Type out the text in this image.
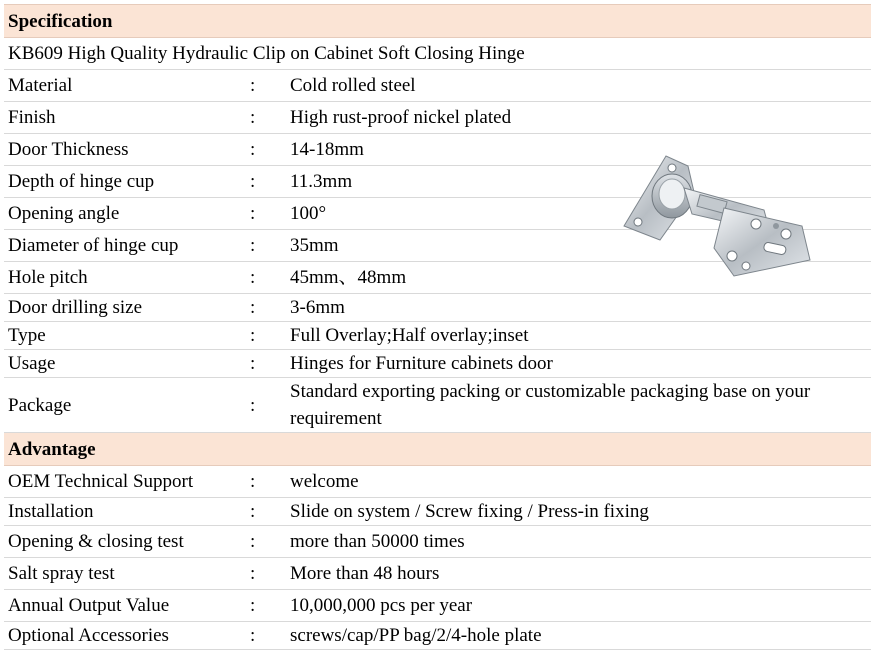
Specification		
KB609 High Quality Hydraulic Clip on Cabinet Soft Closing Hinge		
Material	:	Cold rolled steel
Finish	:	High rust-proof nickel plated
Door Thickness	:	14-18mm
Depth of hinge cup	:	11.3mm
Opening angle	:	100°
Diameter of hinge cup	:	35mm
Hole pitch	:	45mm、48mm
Door drilling size	:	3-6mm
Type	:	Full Overlay;Half overlay;inset
Usage	:	Hinges for Furniture cabinets door
Package	:	Standard exporting packing or customizable packaging base on your requirement
Advantage		
OEM Technical Support	:	welcome
Installation	:	Slide on system / Screw fixing / Press-in fixing
Opening & closing test	:	more than 50000 times
Salt spray test	:	More than 48 hours
Annual Output Value	:	10,000,000 pcs per year
Optional Accessories	:	screws/cap/PP bag/2/4-hole plate
